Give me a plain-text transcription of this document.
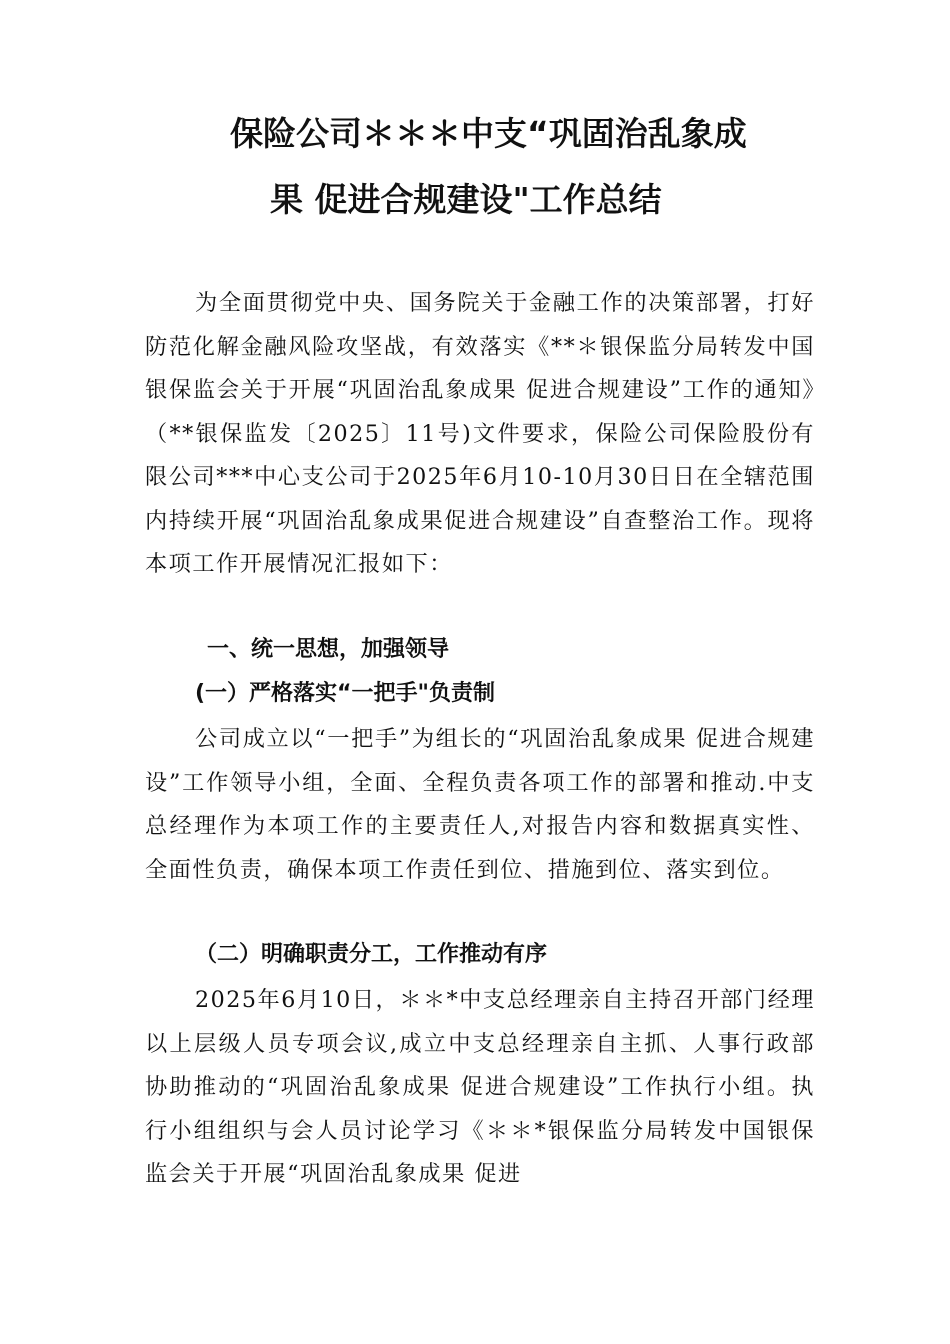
保险公司＊＊＊中支“巩固治乱象成
果 促进合规建设"工作总结

为全面贯彻党中央、国务院关于金融工作的决策部署，打好防范化解金融风险攻坚战，有效落实《**＊银保监分局转发中国银保监会关于开展“巩固治乱象成果 促进合规建设”工作的通知》（**银保监发〔2025〕11号)文件要求，保险公司保险股份有限公司***中心支公司于2025年6月10-10月30日日在全辖范围内持续开展“巩固治乱象成果促进合规建设”自查整治工作。现将本项工作开展情况汇报如下：

一、统一思想，加强领导
(一）严格落实“一把手"负责制

公司成立以“一把手”为组长的“巩固治乱象成果 促进合规建设”工作领导小组，全面、全程负责各项工作的部署和推动.中支总经理作为本项工作的主要责任人,对报告内容和数据真实性、全面性负责，确保本项工作责任到位、措施到位、落实到位。

（二）明确职责分工，工作推动有序

2025年6月10日，＊＊*中支总经理亲自主持召开部门经理以上层级人员专项会议,成立中支总经理亲自主抓、人事行政部协助推动的“巩固治乱象成果 促进合规建设”工作执行小组。执行小组组织与会人员讨论学习《＊＊*银保监分局转发中国银保监会关于开展“巩固治乱象成果 促进
